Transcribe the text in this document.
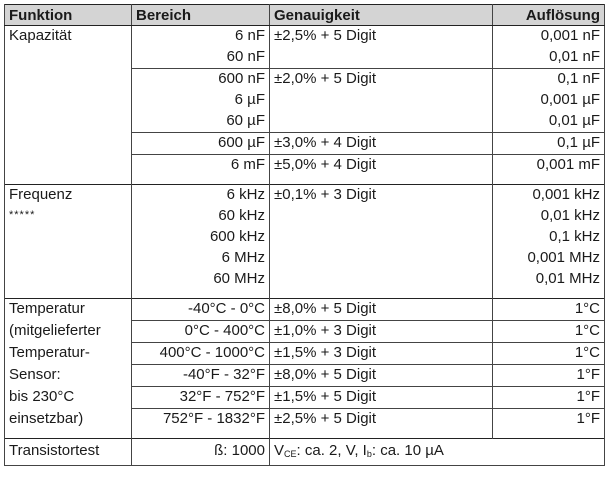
Funktion	Bereich	Genauigkeit	Auflösung
Kapazität	6 nF	±2,5% + 5 Digit	0,001 nF
	60 nF		0,01 nF
	600 nF	±2,0% + 5 Digit	0,1 nF
	6 µF		0,001 µF
	60 µF		0,01 µF
	600 µF	±3,0% + 4 Digit	0,1 µF
	6 mF	±5,0% + 4 Digit	0,001 mF

Frequenz	6 kHz	±0,1% + 3 Digit	0,001 kHz
*****	60 kHz		0,01 kHz
	600 kHz		0,1 kHz
	6 MHz		0,001 MHz
	60 MHz		0,01 MHz

Temperatur	-40°C - 0°C	±8,0% + 5 Digit	1°C
(mitgelieferter	0°C - 400°C	±1,0% + 3 Digit	1°C
Temperatur-	400°C - 1000°C	±1,5% + 3 Digit	1°C
Sensor:	-40°F - 32°F	±8,0% + 5 Digit	1°F
bis 230°C	32°F - 752°F	±1,5% + 5 Digit	1°F
einsetzbar)	752°F - 1832°F	±2,5% + 5 Digit	1°F

Transistortest	ß: 1000	$V_{CE}$: ca. 2, V, $I_b$: ca. 10 µA	
